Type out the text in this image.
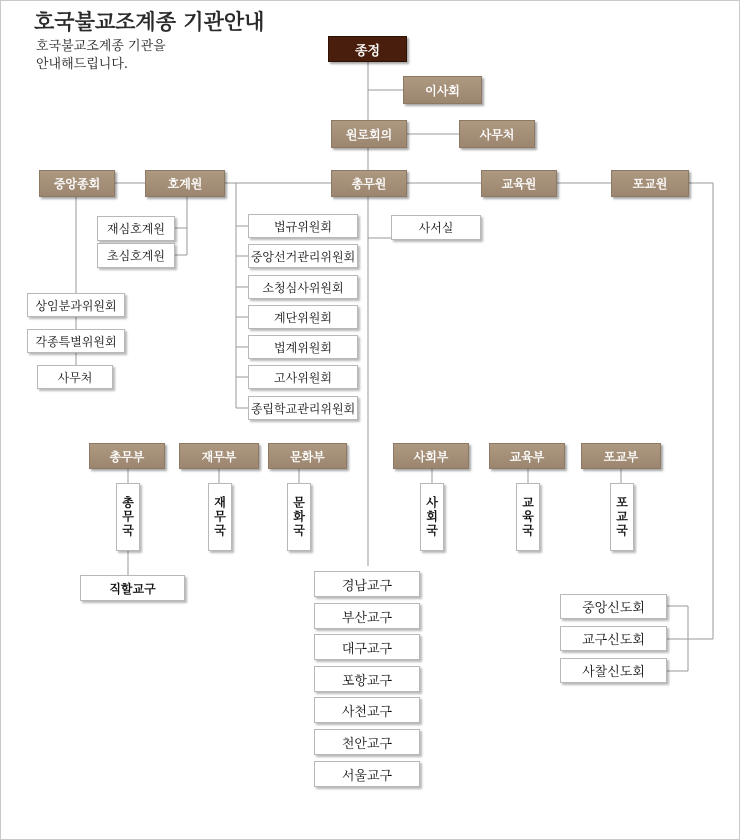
호국불교조계종 기관안내
호국불교조계종 기관을
안내해드립니다.
종정
이사회
원로회의	사무처
중앙종회	호계원	총무원	교육원	포교원
재심호계원
초심호계원
상임분과위원회
각종특별위원회
사무처
법규위원회
중앙선거관리위원회
소청심사위원회
계단위원회
법계위원회
고사위원회
종립학교관리위원회
사서실
총무부	재무부	문화부	사회부	교육부	포교부
총무국	재무국	문화국	사회국	교육국	포교국
직할교구	경남교구
부산교구
대구교구
포항교구
사천교구
천안교구
서울교구
중앙신도회
교구신도회
사찰신도회
